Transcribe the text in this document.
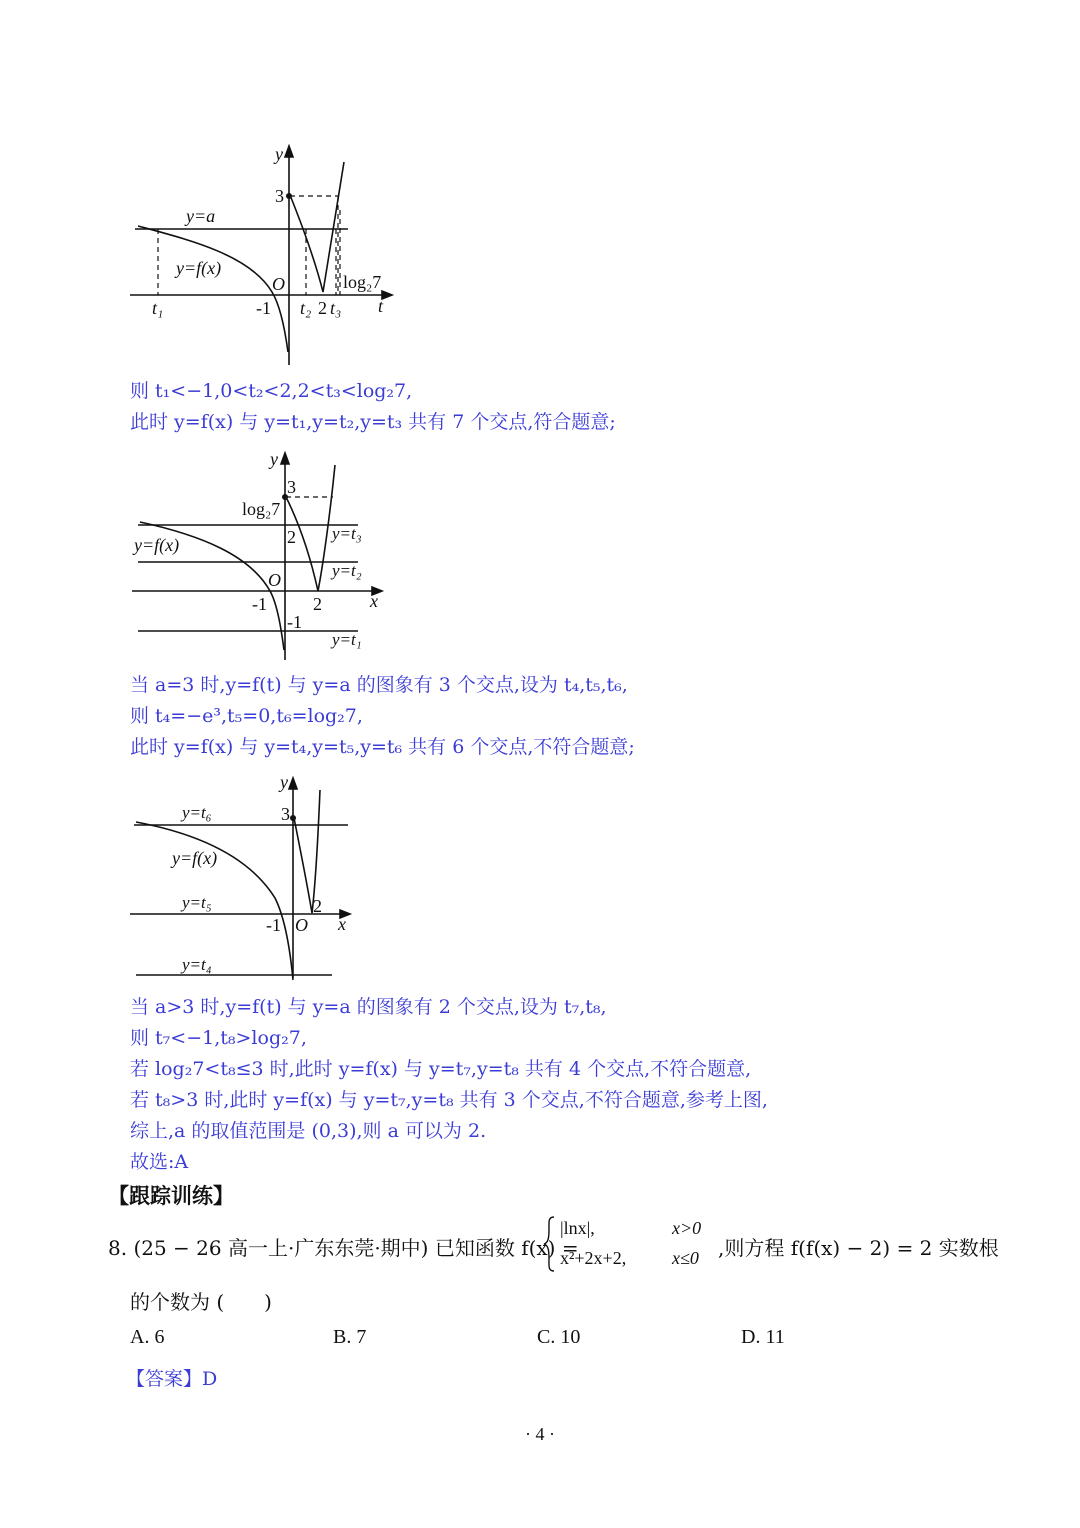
y
t
3
y=a
y=f(x)
O
-1
t₁	t₂ 2 t₃
log₂7
则 t₁<−1,0<t₂<2,2<t₃<log₂7,
此时 y=f(x) 与 y=t₁,y=t₂,y=t₃ 共有 7 个交点,符合题意;
y
x
3
log₂7
2
y=f(x)
y=t₃
y=t₂
O
-1	2
-1
y=t₁
当 a=3 时,y=f(t) 与 y=a 的图象有 3 个交点,设为 t₄,t₅,t₆,
则 t₄=−e³,t₅=0,t₆=log₂7,
此时 y=f(x) 与 y=t₄,y=t₅,y=t₆ 共有 6 个交点,不符合题意;
y
x
3
y=t₆
y=f(x)
y=t₅
-1 O
2
y=t₄
当 a>3 时,y=f(t) 与 y=a 的图象有 2 个交点,设为 t₇,t₈,
则 t₇<−1,t₈>log₂7,
若 log₂7<t₈≤3 时,此时 y=f(x) 与 y=t₇,y=t₈ 共有 4 个交点,不符合题意,
若 t₈>3 时,此时 y=f(x) 与 y=t₇,y=t₈ 共有 3 个交点,不符合题意,参考上图,
综上,a 的取值范围是 (0,3),则 a 可以为 2.
故选:A
【跟踪训练】
8. (25 − 26 高一上·广东东莞·期中) 已知函数 f(x) =
|lnx|,	x>0
x²+2x+2,	x≤0 ,则方程 f(f(x) − 2) = 2 实数根
的个数为 (　　)
A. 6	B. 7	C. 10	D. 11
【答案】D
· 4 ·
